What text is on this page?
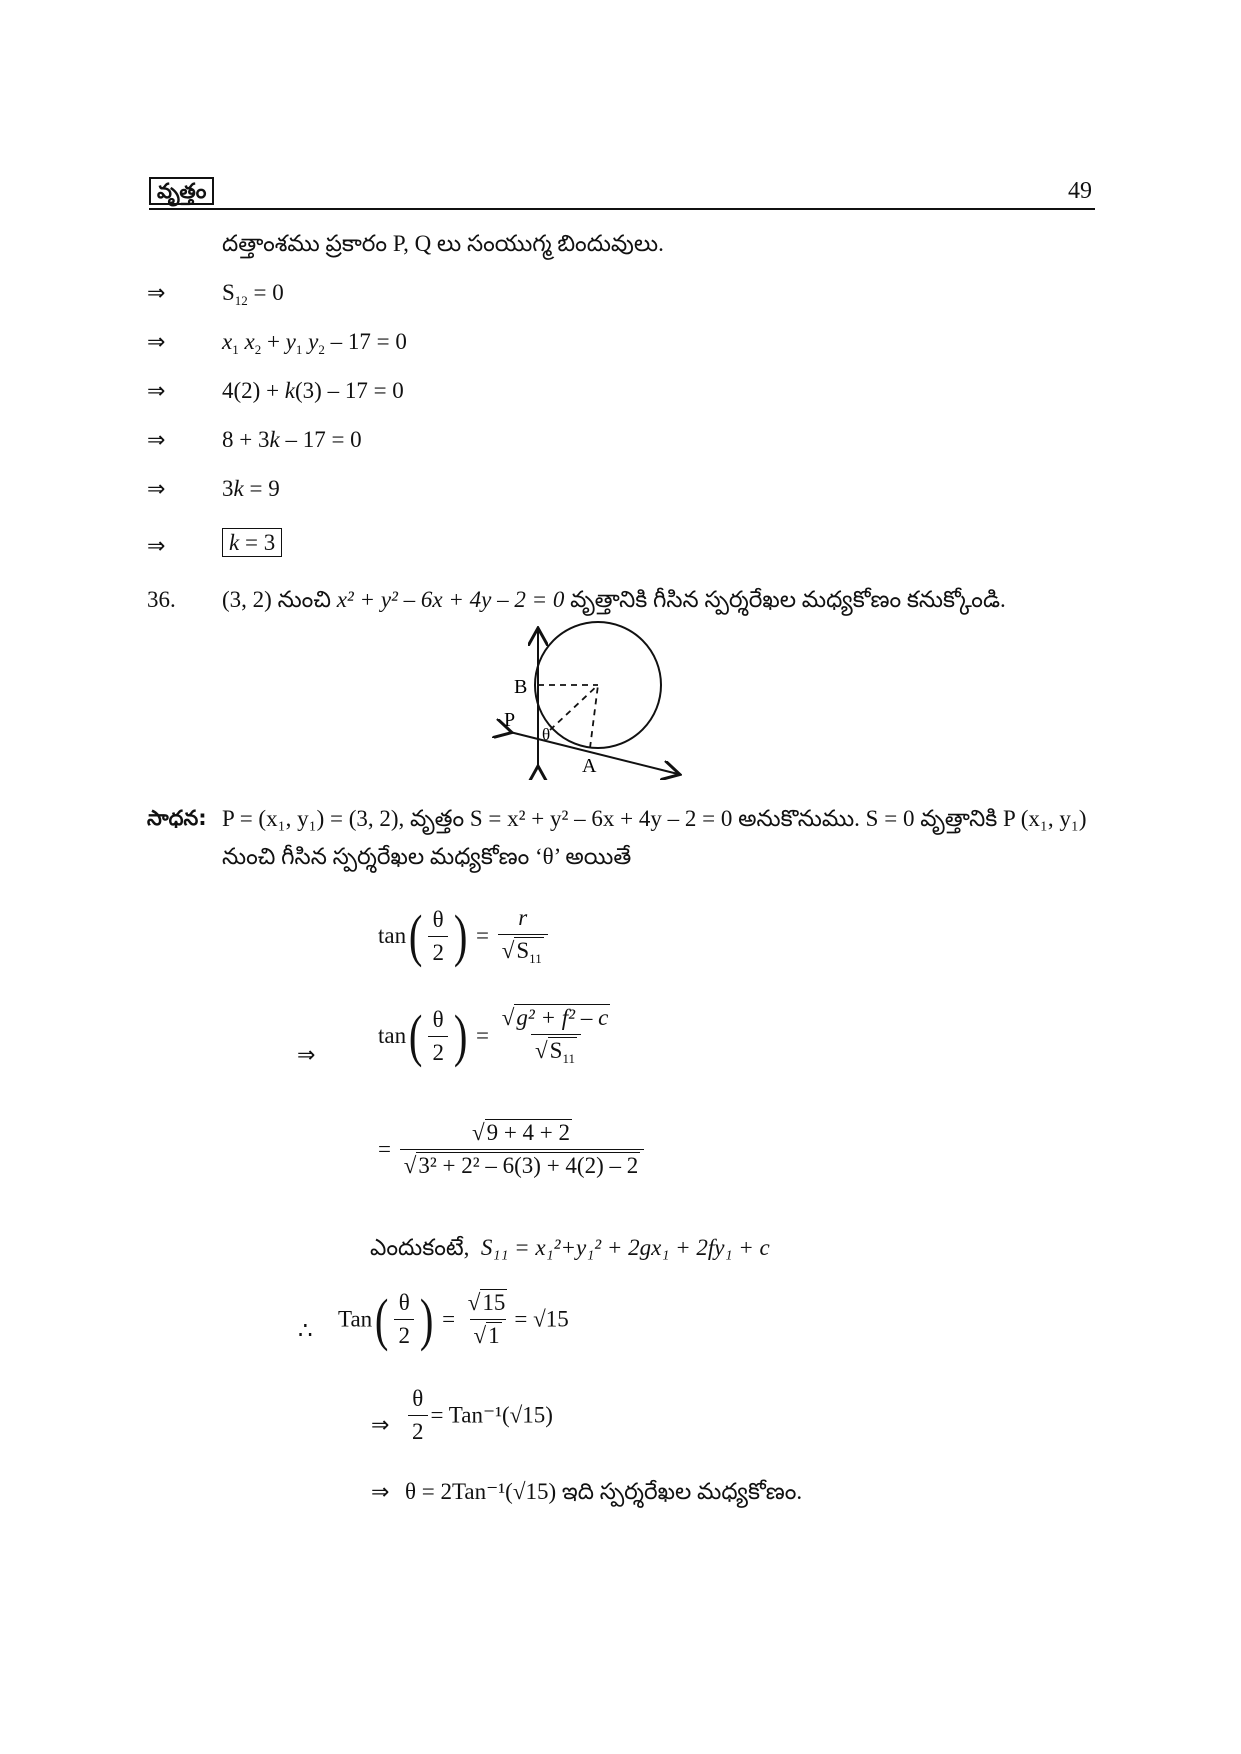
వృత్తం	49
దత్తాంశము ప్రకారం P, Q లు సంయుగ్మ బిందువులు.
⇒ $S_{12} = 0$
⇒ $x_1$ $x_2 + y_1$ $y_2 - 17 = 0$
⇒ 4(2) + k(3) – 17 = 0
⇒ 8 + 3k – 17 = 0
⇒ 3k = 9
⇒	k = 3
36. (3, 2) నుంచి x² + y² – 6x + 4y – 2 = 0 వృత్తానికి గీసిన స్పర్శరేఖల మధ్యకోణం కనుక్కోండి.
B
P
θ
A
సాధన: P = (x₁, y₁) = (3, 2), వృత్తం S = x² + y² – 6x + 4y – 2 = 0 అనుకొనుము. S = 0 వృత్తానికి P (x₁, y₁)
నుంచి గీసిన స్పర్శరేఖల మధ్యకోణం ‘θ’ అయితే
$\tan( \frac{\theta}{2}$ ) = $\frac{r}{√S_{11}}$
⇒
$\tan( \frac{\theta}{2}$ ) = $\frac{\text{√g² + f² – c}}{√S_{11}}$
= $\frac{√9 + 4 + 2}{\text{√3² + 2² – 6(3) + 4(2) – 2}}$
ఎందుకంటే, S₁₁ = x₁²+y₁² + 2gx₁ + 2fy₁ + c
∴ $Tan( \frac{\theta}{2}$ ) = $\frac{√15}{√1} = √15$
⇒ $\frac{\theta}{2} = Tan^{-1}(√15)$
⇒ θ = 2Tan⁻¹(√15) ఇది స్పర్శరేఖల మధ్యకోణం.
